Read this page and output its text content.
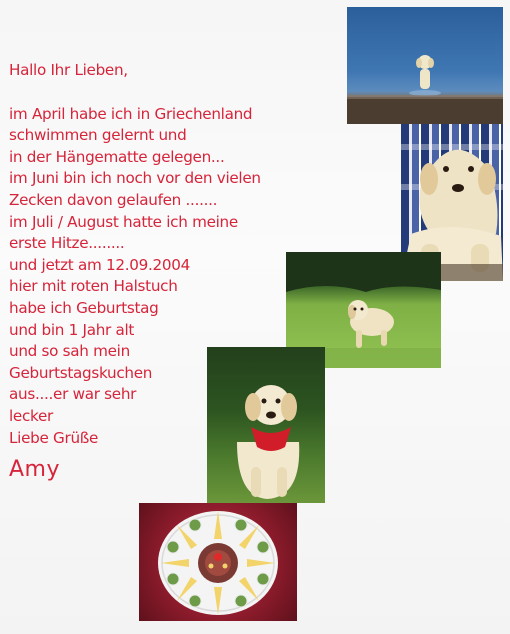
Hallo Ihr Lieben,
im April habe ich in Griechenland
schwimmen gelernt und
in der Hängematte gelegen...
im Juni bin ich noch vor den vielen
Zecken davon gelaufen .......
im Juli / August hatte ich meine
erste Hitze........
und jetzt am 12.09.2004
hier mit roten Halstuch
habe ich Geburtstag
und bin 1 Jahr alt
und so sah mein
Geburtstagskuchen
aus....er war sehr
lecker
Liebe Grüße
Amy
